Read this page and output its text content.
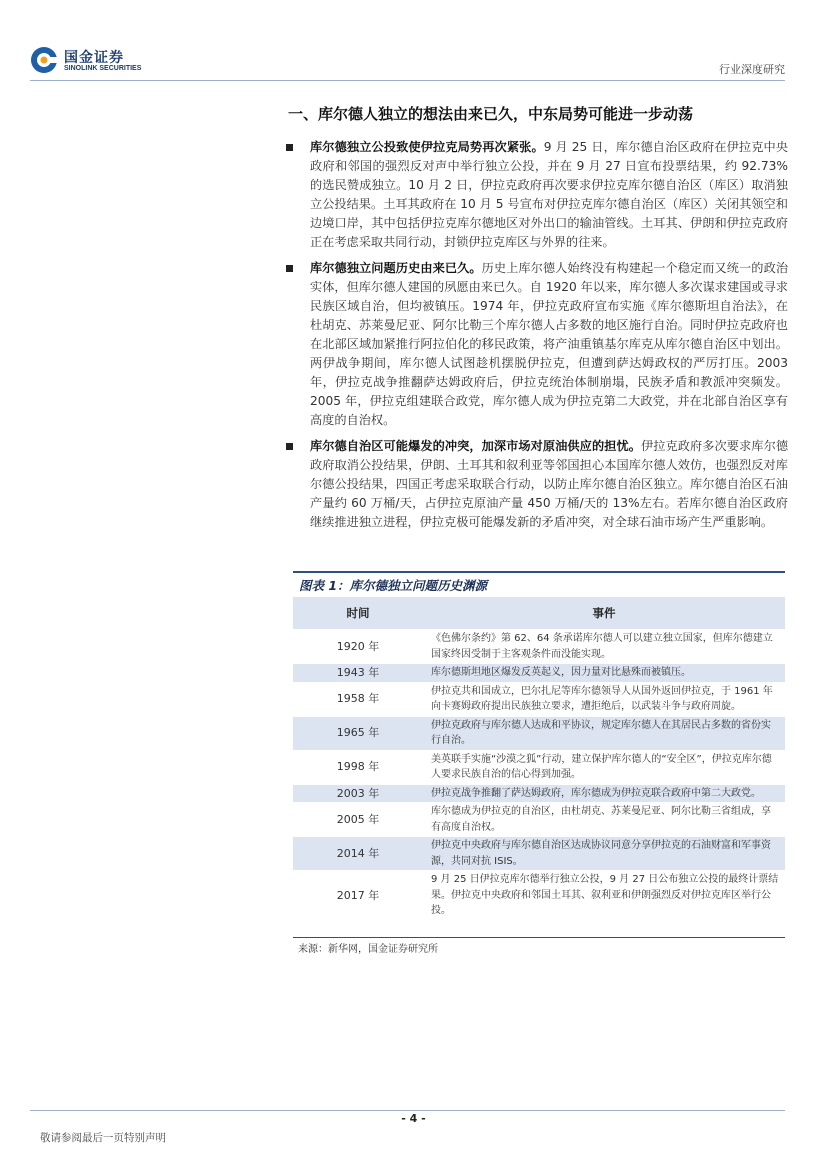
国金证券
SINOLINK SECURITIES	行业深度研究
一、库尔德人独立的想法由来已久，中东局势可能进一步动荡
库尔德独立公投致使伊拉克局势再次紧张。9 月 25 日，库尔德自治区政府在伊拉克中央政府和邻国的强烈反对声中举行独立公投，并在 9 月 27 日宣布投票结果，约 92.73%的选民赞成独立。10 月 2 日，伊拉克政府再次要求伊拉克库尔德自治区（库区）取消独立公投结果。土耳其政府在 10 月 5 号宣布对伊拉克库尔德自治区（库区）关闭其领空和边境口岸，其中包括伊拉克库尔德地区对外出口的输油管线。土耳其、伊朗和伊拉克政府正在考虑采取共同行动，封锁伊拉克库区与外界的往来。
库尔德独立问题历史由来已久。历史上库尔德人始终没有构建起一个稳定而又统一的政治实体，但库尔德人建国的夙愿由来已久。自 1920 年以来，库尔德人多次谋求建国或寻求民族区域自治，但均被镇压。1974 年，伊拉克政府宣布实施《库尔德斯坦自治法》，在杜胡克、苏莱曼尼亚、阿尔比勒三个库尔德人占多数的地区施行自治。同时伊拉克政府也在北部区域加紧推行阿拉伯化的移民政策，将产油重镇基尔库克从库尔德自治区中划出。两伊战争期间，库尔德人试图趁机摆脱伊拉克，但遭到萨达姆政权的严厉打压。2003 年，伊拉克战争推翻萨达姆政府后，伊拉克统治体制崩塌，民族矛盾和教派冲突频发。2005 年，伊拉克组建联合政党，库尔德人成为伊拉克第二大政党，并在北部自治区享有高度的自治权。
库尔德自治区可能爆发的冲突，加深市场对原油供应的担忧。伊拉克政府多次要求库尔德政府取消公投结果，伊朗、土耳其和叙利亚等邻国担心本国库尔德人效仿，也强烈反对库尔德公投结果，四国正考虑采取联合行动，以防止库尔德自治区独立。库尔德自治区石油产量约 60 万桶/天，占伊拉克原油产量 450 万桶/天的 13%左右。若库尔德自治区政府继续推进独立进程，伊拉克极可能爆发新的矛盾冲突，对全球石油市场产生严重影响。
图表 1：库尔德独立问题历史渊源
时间	事件
1920 年	《色佛尔条约》第 62、64 条承诺库尔德人可以建立独立国家，但库尔德建立国家终因受制于主客观条件而没能实现。
1943 年	库尔德斯坦地区爆发反英起义，因力量对比悬殊而被镇压。
1958 年	伊拉克共和国成立，巴尔扎尼等库尔德领导人从国外返回伊拉克，于 1961 年向卡赛姆政府提出民族独立要求，遭拒绝后，以武装斗争与政府周旋。
1965 年	伊拉克政府与库尔德人达成和平协议，规定库尔德人在其居民占多数的省份实行自治。
1998 年	美英联手实施“沙漠之狐”行动，建立保护库尔德人的“安全区”，伊拉克库尔德人要求民族自治的信心得到加强。
2003 年	伊拉克战争推翻了萨达姆政府，库尔德成为伊拉克联合政府中第二大政党。
2005 年	库尔德成为伊拉克的自治区，由杜胡克、苏莱曼尼亚、阿尔比勒三省组成，享有高度自治权。
2014 年	伊拉克中央政府与库尔德自治区达成协议同意分享伊拉克的石油财富和军事资源，共同对抗 ISIS。
2017 年	9 月 25 日伊拉克库尔德举行独立公投，9 月 27 日公布独立公投的最终计票结果。伊拉克中央政府和邻国土耳其、叙利亚和伊朗强烈反对伊拉克库区举行公投。
来源：新华网，国金证券研究所
- 4 -
敬请参阅最后一页特别声明
